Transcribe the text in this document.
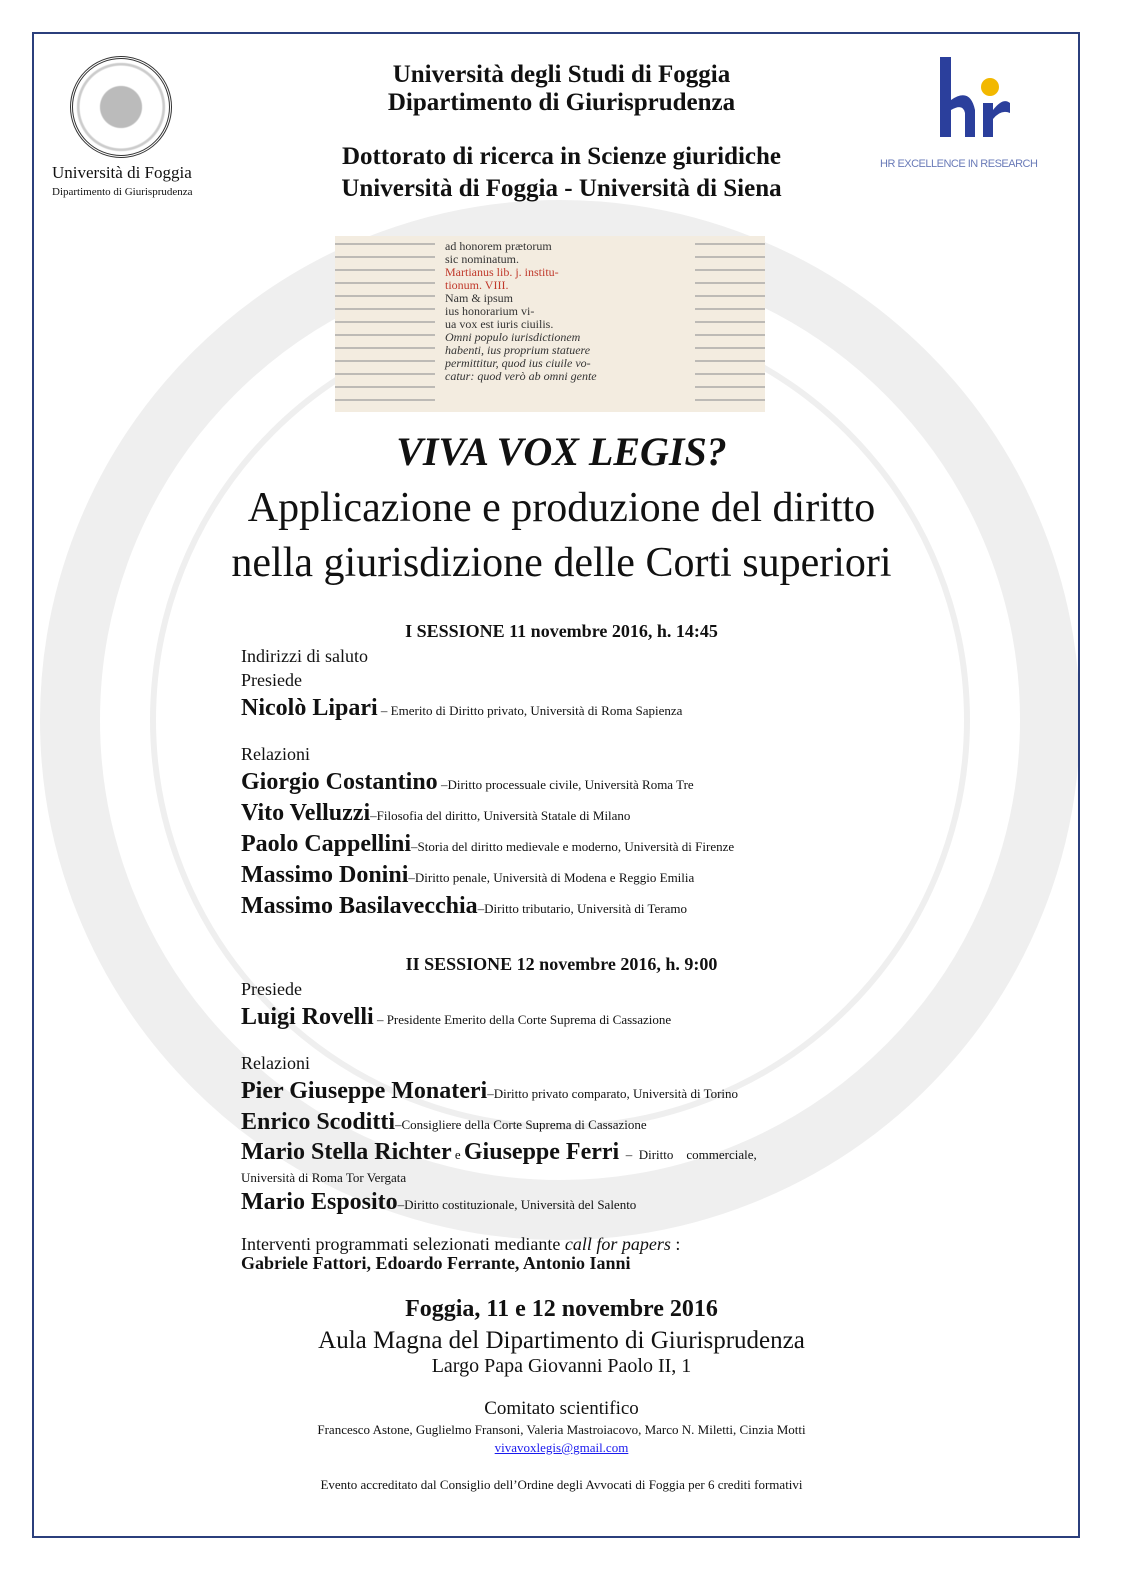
Università di Foggia
Dipartimento di Giurisprudenza
HR EXCELLENCE IN RESEARCH
Università degli Studi di Foggia
Dipartimento di Giurisprudenza
Dottorato di ricerca in Scienze giuridiche
Università di Foggia - Università di Siena
ad honorem prætorum
sic nominatum.
Martianus lib. j. institu-
tionum. VIII.
Nam & ipsum
ius honorarium vi-
ua vox est iuris ciuilis.
Omni populo iurisdictionem
habenti, ius proprium statuere
permittitur, quod ius ciuile vo-
catur: quod verò ab omni gente
VIVA VOX LEGIS?
Applicazione e produzione del diritto
nella giurisdizione delle Corti superiori
I SESSIONE 11 novembre 2016, h. 14:45
Indirizzi di saluto
Presiede
Nicolò Lipari – Emerito di Diritto privato, Università di Roma Sapienza
Relazioni
Giorgio Costantino –Diritto processuale civile, Università Roma Tre
Vito Velluzzi–Filosofia del diritto, Università Statale di Milano
Paolo Cappellini–Storia del diritto medievale e moderno, Università di Firenze
Massimo Donini–Diritto penale, Università di Modena e Reggio Emilia
Massimo Basilavecchia–Diritto tributario, Università di Teramo
II SESSIONE 12 novembre 2016, h. 9:00
Presiede
Luigi Rovelli – Presidente Emerito della Corte Suprema di Cassazione
Relazioni
Pier Giuseppe Monateri–Diritto privato comparato, Università di Torino
Enrico Scoditti–Consigliere della Corte Suprema di Cassazione
Mario Stella Richter e Giuseppe Ferri  –  Diritto    commerciale,
Università di Roma Tor Vergata
Mario Esposito–Diritto costituzionale, Università del Salento
Interventi programmati selezionati mediante call for papers :
Gabriele Fattori, Edoardo Ferrante, Antonio Ianni
Foggia, 11 e 12 novembre 2016
Aula Magna del Dipartimento di Giurisprudenza
Largo Papa Giovanni Paolo II, 1
Comitato scientifico
Francesco Astone, Guglielmo Fransoni, Valeria Mastroiacovo, Marco N. Miletti, Cinzia Motti
vivavoxlegis@gmail.com
Evento accreditato dal Consiglio dell’Ordine degli Avvocati di Foggia per 6 crediti formativi
